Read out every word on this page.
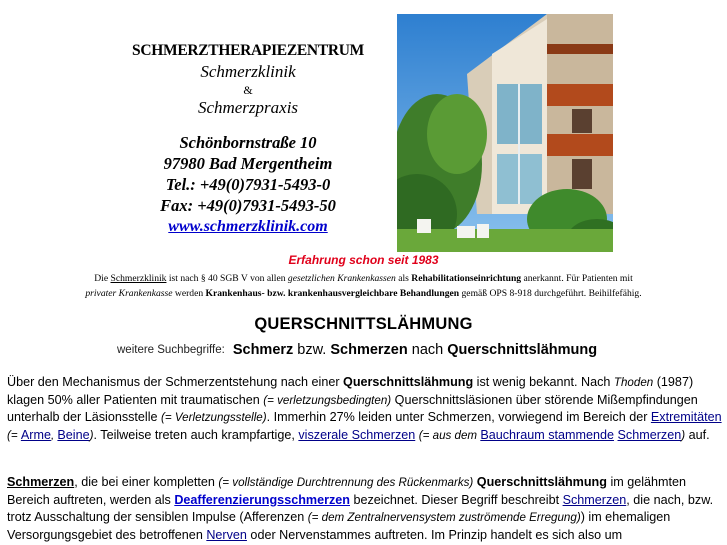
SCHMERZTHERAPIEZENTRUM
Schmerzklinik
&
Schmerzpraxis
Schönbornstraße 10
97980 Bad Mergentheim
Tel.: +49(0)7931-5493-0
Fax: +49(0)7931-5493-50
www.schmerzklinik.com
Erfahrung schon seit 1983
Die Schmerzklinik ist nach § 40 SGB V von allen gesetzlichen Krankenkassen als Rehabilitationseinrichtung anerkannt. Für Patienten mit
privater Krankenkasse werden Krankenhaus- bzw. krankenhausvergleichbare Behandlungen gemäß OPS 8-918 durchgeführt. Beihilfefähig.
QUERSCHNITTSLÄHMUNG
weitere Suchbegriffe: Schmerz bzw. Schmerzen nach Querschnittslähmung
Über den Mechanismus der Schmerzentstehung nach einer Querschnittslähmung ist wenig bekannt. Nach Thoden (1987) klagen 50% aller Patienten mit traumatischen (= verletzungsbedingten) Querschnittsläsionen über störende Mißempfindungen unterhalb der Läsionsstelle (= Verletzungsstelle). Immerhin 27% leiden unter Schmerzen, vorwiegend im Bereich der Extremitäten (= Arme, Beine). Teilweise treten auch krampfartige, viszerale Schmerzen (= aus dem Bauchraum stammende Schmerzen) auf.
Schmerzen, die bei einer kompletten (= vollständige Durchtrennung des Rückenmarks) Querschnittslähmung im gelähmten Bereich auftreten, werden als Deafferenzierungsschmerzen bezeichnet. Dieser Begriff beschreibt Schmerzen, die nach, bzw. trotz Ausschaltung der sensiblen Impulse (Afferenzen (= dem Zentralnervensystem zuströmende Erregung)) im ehemaligen Versorgungsgebiet des betroffenen Nerven oder Nervenstammes auftreten. Im Prinzip handelt es sich also um
